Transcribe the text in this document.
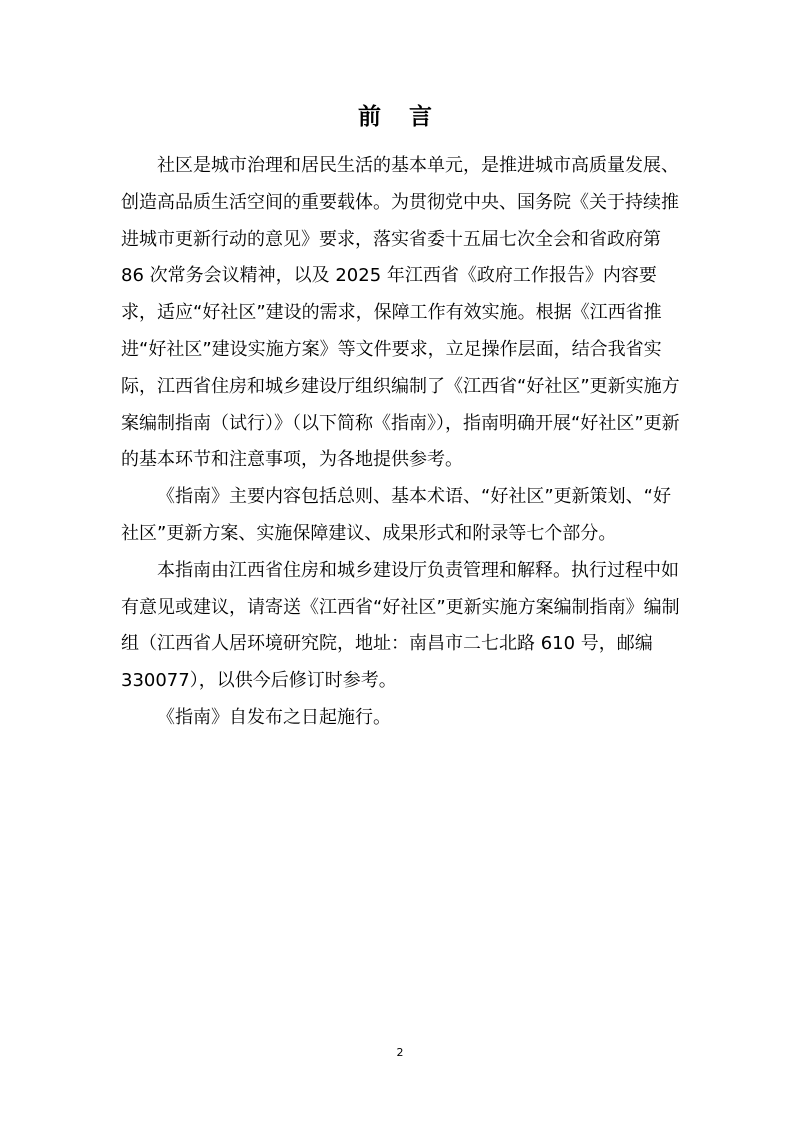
前 言

社区是城市治理和居民生活的基本单元，是推进城市高质量发展、

创造高品质生活空间的重要载体。为贯彻党中央、国务院《关于持续推进城市更新行动的意见》要求，落实省委十五届七次全会和省政府第 86 次常务会议精神，以及 2025 年江西省《政府工作报告》内容要求，适应“好社区”建设的需求，保障工作有效实施。根据《江西省推进“好社区”建设实施方案》等文件要求，立足操作层面，结合我省实际，江西省住房和城乡建设厅组织编制了《江西省“好社区”更新实施方案编制指南（试行）》（以下简称《指南》），指南明确开展“好社区”更新的基本环节和注意事项，为各地提供参考。

《指南》主要内容包括总则、基本术语、“好社区”更新策划、“好社区”更新方案、实施保障建议、成果形式和附录等七个部分。

本指南由江西省住房和城乡建设厅负责管理和解释。执行过程中如有意见或建议，请寄送《江西省“好社区”更新实施方案编制指南》编制组（江西省人居环境研究院，地址：南昌市二七北路 610 号，邮编 330077），以供今后修订时参考。

《指南》自发布之日起施行。

2
